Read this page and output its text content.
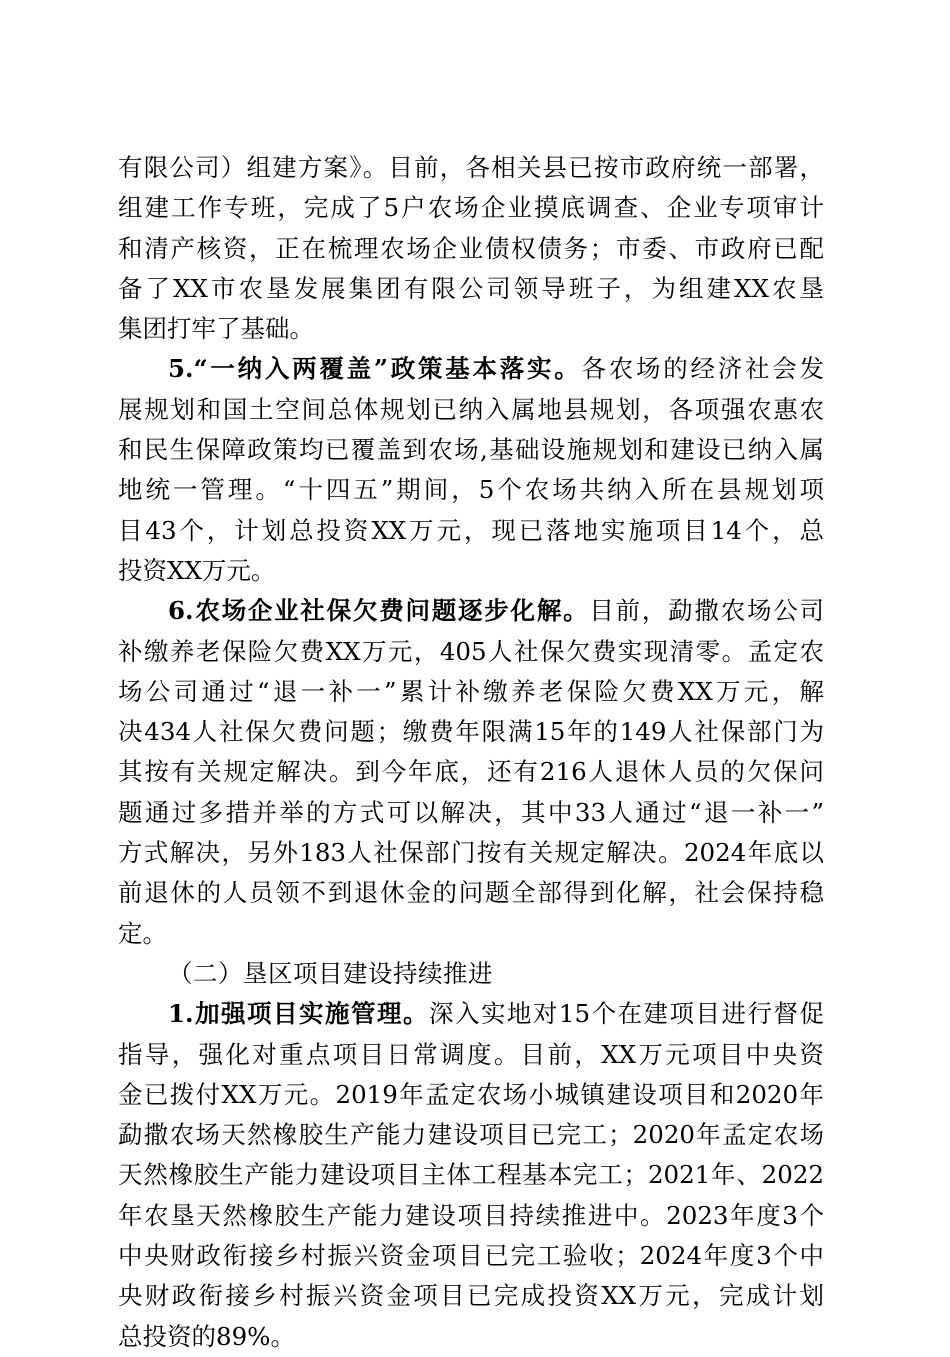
有限公司）组建方案》。目前，各相关县已按市政府统一部署，
组建工作专班，完成了5户农场企业摸底调查、企业专项审计
和清产核资，正在梳理农场企业债权债务；市委、市政府已配
备了XX市农垦发展集团有限公司领导班子，为组建XX农垦
集团打牢了基础。
5.“一纳入两覆盖”政策基本落实。各农场的经济社会发
展规划和国土空间总体规划已纳入属地县规划，各项强农惠农
和民生保障政策均已覆盖到农场,基础设施规划和建设已纳入属
地统一管理。“十四五”期间，5个农场共纳入所在县规划项
目43个，计划总投资XX万元，现已落地实施项目14个，总
投资XX万元。
6.农场企业社保欠费问题逐步化解。目前，勐撒农场公司
补缴养老保险欠费XX万元，405人社保欠费实现清零。孟定农
场公司通过“退一补一”累计补缴养老保险欠费XX万元，解
决434人社保欠费问题；缴费年限满15年的149人社保部门为
其按有关规定解决。到今年底，还有216人退休人员的欠保问
题通过多措并举的方式可以解决，其中33人通过“退一补一”
方式解决，另外183人社保部门按有关规定解决。2024年底以
前退休的人员领不到退休金的问题全部得到化解，社会保持稳
定。
（二）垦区项目建设持续推进
1.加强项目实施管理。深入实地对15个在建项目进行督促
指导，强化对重点项目日常调度。目前，XX万元项目中央资
金已拨付XX万元。2019年孟定农场小城镇建设项目和2020年
勐撒农场天然橡胶生产能力建设项目已完工；2020年孟定农场
天然橡胶生产能力建设项目主体工程基本完工；2021年、2022
年农垦天然橡胶生产能力建设项目持续推进中。2023年度3个
中央财政衔接乡村振兴资金项目已完工验收；2024年度3个中
央财政衔接乡村振兴资金项目已完成投资XX万元，完成计划
总投资的89%。
